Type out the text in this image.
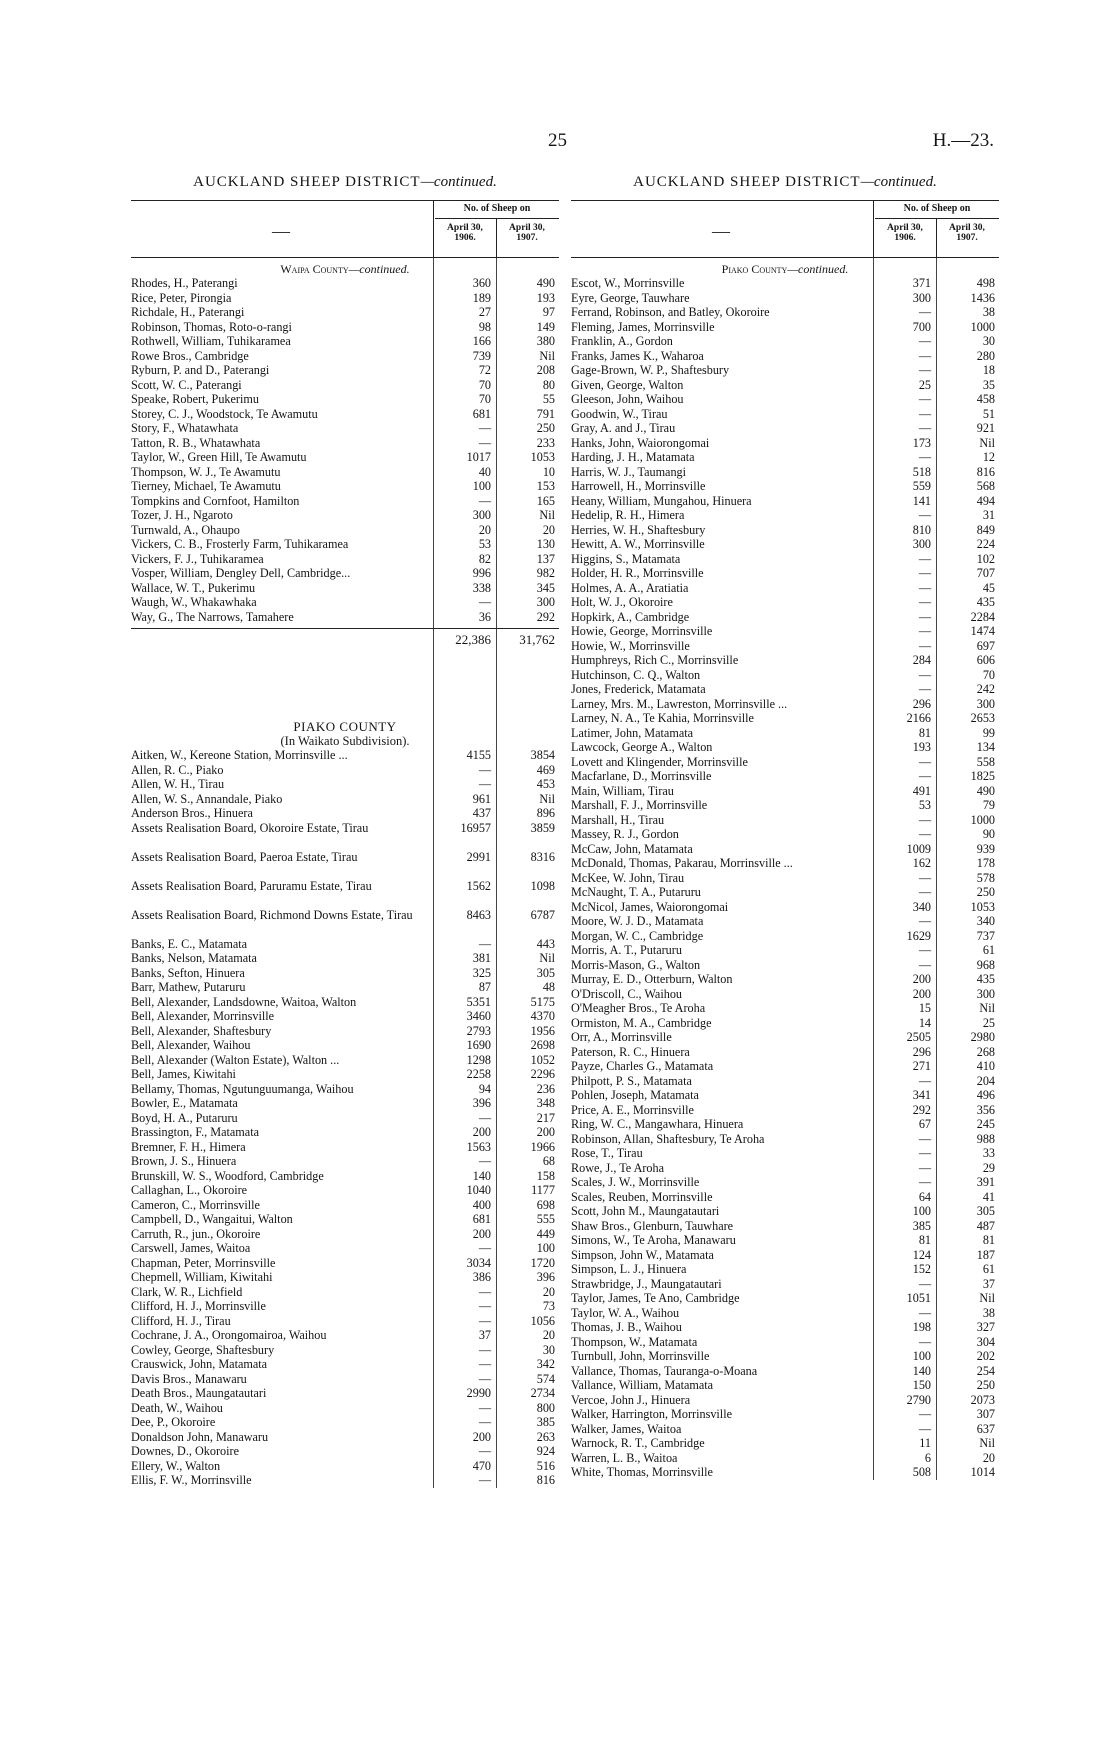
25	H.—23.
AUCKLAND SHEEP DISTRICT—continued.
—
No. of Sheep on
April 30,
1906.
April 30,
1907.
Waipa County—continued.
Rhodes, H., Paterangi	360	490
Rice, Peter, Pirongia	189	193
Richdale, H., Paterangi	27	97
Robinson, Thomas, Roto-o-rangi	98	149
Rothwell, William, Tuhikaramea	166	380
Rowe Bros., Cambridge	739	Nil
Ryburn, P. and D., Paterangi	72	208
Scott, W. C., Paterangi	70	80
Speake, Robert, Pukerimu	70	55
Storey, C. J., Woodstock, Te Awamutu	681	791
Story, F., Whatawhata	—	250
Tatton, R. B., Whatawhata	—	233
Taylor, W., Green Hill, Te Awamutu	1017	1053
Thompson, W. J., Te Awamutu	40	10
Tierney, Michael, Te Awamutu	100	153
Tompkins and Cornfoot, Hamilton	—	165
Tozer, J. H., Ngaroto	300	Nil
Turnwald, A., Ohaupo	20	20
Vickers, C. B., Frosterly Farm, Tuhikaramea	53	130
Vickers, F. J., Tuhikaramea	82	137
Vosper, William, Dengley Dell, Cambridge...	996	982
Wallace, W. T., Pukerimu	338	345
Waugh, W., Whakawhaka	—	300
Way, G., The Narrows, Tamahere	36	292
22,386	31,762
PIAKO COUNTY
(In Waikato Subdivision).
Aitken, W., Kereone Station, Morrinsville ...	4155	3854
Allen, R. C., Piako	—	469
Allen, W. H., Tirau	—	453
Allen, W. S., Annandale, Piako	961	Nil
Anderson Bros., Hinuera	437	896
Assets Realisation Board, Okoroire Estate, Tirau	16957	3859
Assets Realisation Board, Paeroa Estate, Tirau	2991	8316
Assets Realisation Board, Paruramu Estate, Tirau	1562	1098
Assets Realisation Board, Richmond Downs Estate, Tirau	8463	6787
Banks, E. C., Matamata	—	443
Banks, Nelson, Matamata	381	Nil
Banks, Sefton, Hinuera	325	305
Barr, Mathew, Putaruru	87	48
Bell, Alexander, Landsdowne, Waitoa, Walton	5351	5175
Bell, Alexander, Morrinsville	3460	4370
Bell, Alexander, Shaftesbury	2793	1956
Bell, Alexander, Waihou	1690	2698
Bell, Alexander (Walton Estate), Walton ...	1298	1052
Bell, James, Kiwitahi	2258	2296
Bellamy, Thomas, Ngutunguumanga, Waihou	94	236
Bowler, E., Matamata	396	348
Boyd, H. A., Putaruru	—	217
Brassington, F., Matamata	200	200
Bremner, F. H., Himera	1563	1966
Brown, J. S., Hinuera	—	68
Brunskill, W. S., Woodford, Cambridge	140	158
Callaghan, L., Okoroire	1040	1177
Cameron, C., Morrinsville	400	698
Campbell, D., Wangaitui, Walton	681	555
Carruth, R., jun., Okoroire	200	449
Carswell, James, Waitoa	—	100
Chapman, Peter, Morrinsville	3034	1720
Chepmell, William, Kiwitahi	386	396
Clark, W. R., Lichfield	—	20
Clifford, H. J., Morrinsville	—	73
Clifford, H. J., Tirau	—	1056
Cochrane, J. A., Orongomairoa, Waihou	37	20
Cowley, George, Shaftesbury	—	30
Crauswick, John, Matamata	—	342
Davis Bros., Manawaru	—	574
Death Bros., Maungatautari	2990	2734
Death, W., Waihou	—	800
Dee, P., Okoroire	—	385
Donaldson John, Manawaru	200	263
Downes, D., Okoroire	—	924
Ellery, W., Walton	470	516
Ellis, F. W., Morrinsville	—	816
AUCKLAND SHEEP DISTRICT—continued.
—
No. of Sheep on
April 30,
1906.
April 30,
1907.
Piako County—continued.
Escot, W., Morrinsville	371	498
Eyre, George, Tauwhare	300	1436
Ferrand, Robinson, and Batley, Okoroire	—	38
Fleming, James, Morrinsville	700	1000
Franklin, A., Gordon	—	30
Franks, James K., Waharoa	—	280
Gage-Brown, W. P., Shaftesbury	—	18
Given, George, Walton	25	35
Gleeson, John, Waihou	—	458
Goodwin, W., Tirau	—	51
Gray, A. and J., Tirau	—	921
Hanks, John, Waiorongomai	173	Nil
Harding, J. H., Matamata	—	12
Harris, W. J., Taumangi	518	816
Harrowell, H., Morrinsville	559	568
Heany, William, Mungahou, Hinuera	141	494
Hedelip, R. H., Himera	—	31
Herries, W. H., Shaftesbury	810	849
Hewitt, A. W., Morrinsville	300	224
Higgins, S., Matamata	—	102
Holder, H. R., Morrinsville	—	707
Holmes, A. A., Aratiatia	—	45
Holt, W. J., Okoroire	—	435
Hopkirk, A., Cambridge	—	2284
Howie, George, Morrinsville	—	1474
Howie, W., Morrinsville	—	697
Humphreys, Rich C., Morrinsville	284	606
Hutchinson, C. Q., Walton	—	70
Jones, Frederick, Matamata	—	242
Larney, Mrs. M., Lawreston, Morrinsville ...	296	300
Larney, N. A., Te Kahia, Morrinsville	2166	2653
Latimer, John, Matamata	81	99
Lawcock, George A., Walton	193	134
Lovett and Klingender, Morrinsville	—	558
Macfarlane, D., Morrinsville	—	1825
Main, William, Tirau	491	490
Marshall, F. J., Morrinsville	53	79
Marshall, H., Tirau	—	1000
Massey, R. J., Gordon	—	90
McCaw, John, Matamata	1009	939
McDonald, Thomas, Pakarau, Morrinsville ...	162	178
McKee, W. John, Tirau	—	578
McNaught, T. A., Putaruru	—	250
McNicol, James, Waiorongomai	340	1053
Moore, W. J. D., Matamata	—	340
Morgan, W. C., Cambridge	1629	737
Morris, A. T., Putaruru	—	61
Morris-Mason, G., Walton	—	968
Murray, E. D., Otterburn, Walton	200	435
O'Driscoll, C., Waihou	200	300
O'Meagher Bros., Te Aroha	15	Nil
Ormiston, M. A., Cambridge	14	25
Orr, A., Morrinsville	2505	2980
Paterson, R. C., Hinuera	296	268
Payze, Charles G., Matamata	271	410
Philpott, P. S., Matamata	—	204
Pohlen, Joseph, Matamata	341	496
Price, A. E., Morrinsville	292	356
Ring, W. C., Mangawhara, Hinuera	67	245
Robinson, Allan, Shaftesbury, Te Aroha	—	988
Rose, T., Tirau	—	33
Rowe, J., Te Aroha	—	29
Scales, J. W., Morrinsville	—	391
Scales, Reuben, Morrinsville	64	41
Scott, John M., Maungatautari	100	305
Shaw Bros., Glenburn, Tauwhare	385	487
Simons, W., Te Aroha, Manawaru	81	81
Simpson, John W., Matamata	124	187
Simpson, L. J., Hinuera	152	61
Strawbridge, J., Maungatautari	—	37
Taylor, James, Te Ano, Cambridge	1051	Nil
Taylor, W. A., Waihou	—	38
Thomas, J. B., Waihou	198	327
Thompson, W., Matamata	—	304
Turnbull, John, Morrinsville	100	202
Vallance, Thomas, Tauranga-o-Moana	140	254
Vallance, William, Matamata	150	250
Vercoe, John J., Hinuera	2790	2073
Walker, Harrington, Morrinsville	—	307
Walker, James, Waitoa	—	637
Warnock, R. T., Cambridge	11	Nil
Warren, L. B., Waitoa	6	20
White, Thomas, Morrinsville	508	1014
